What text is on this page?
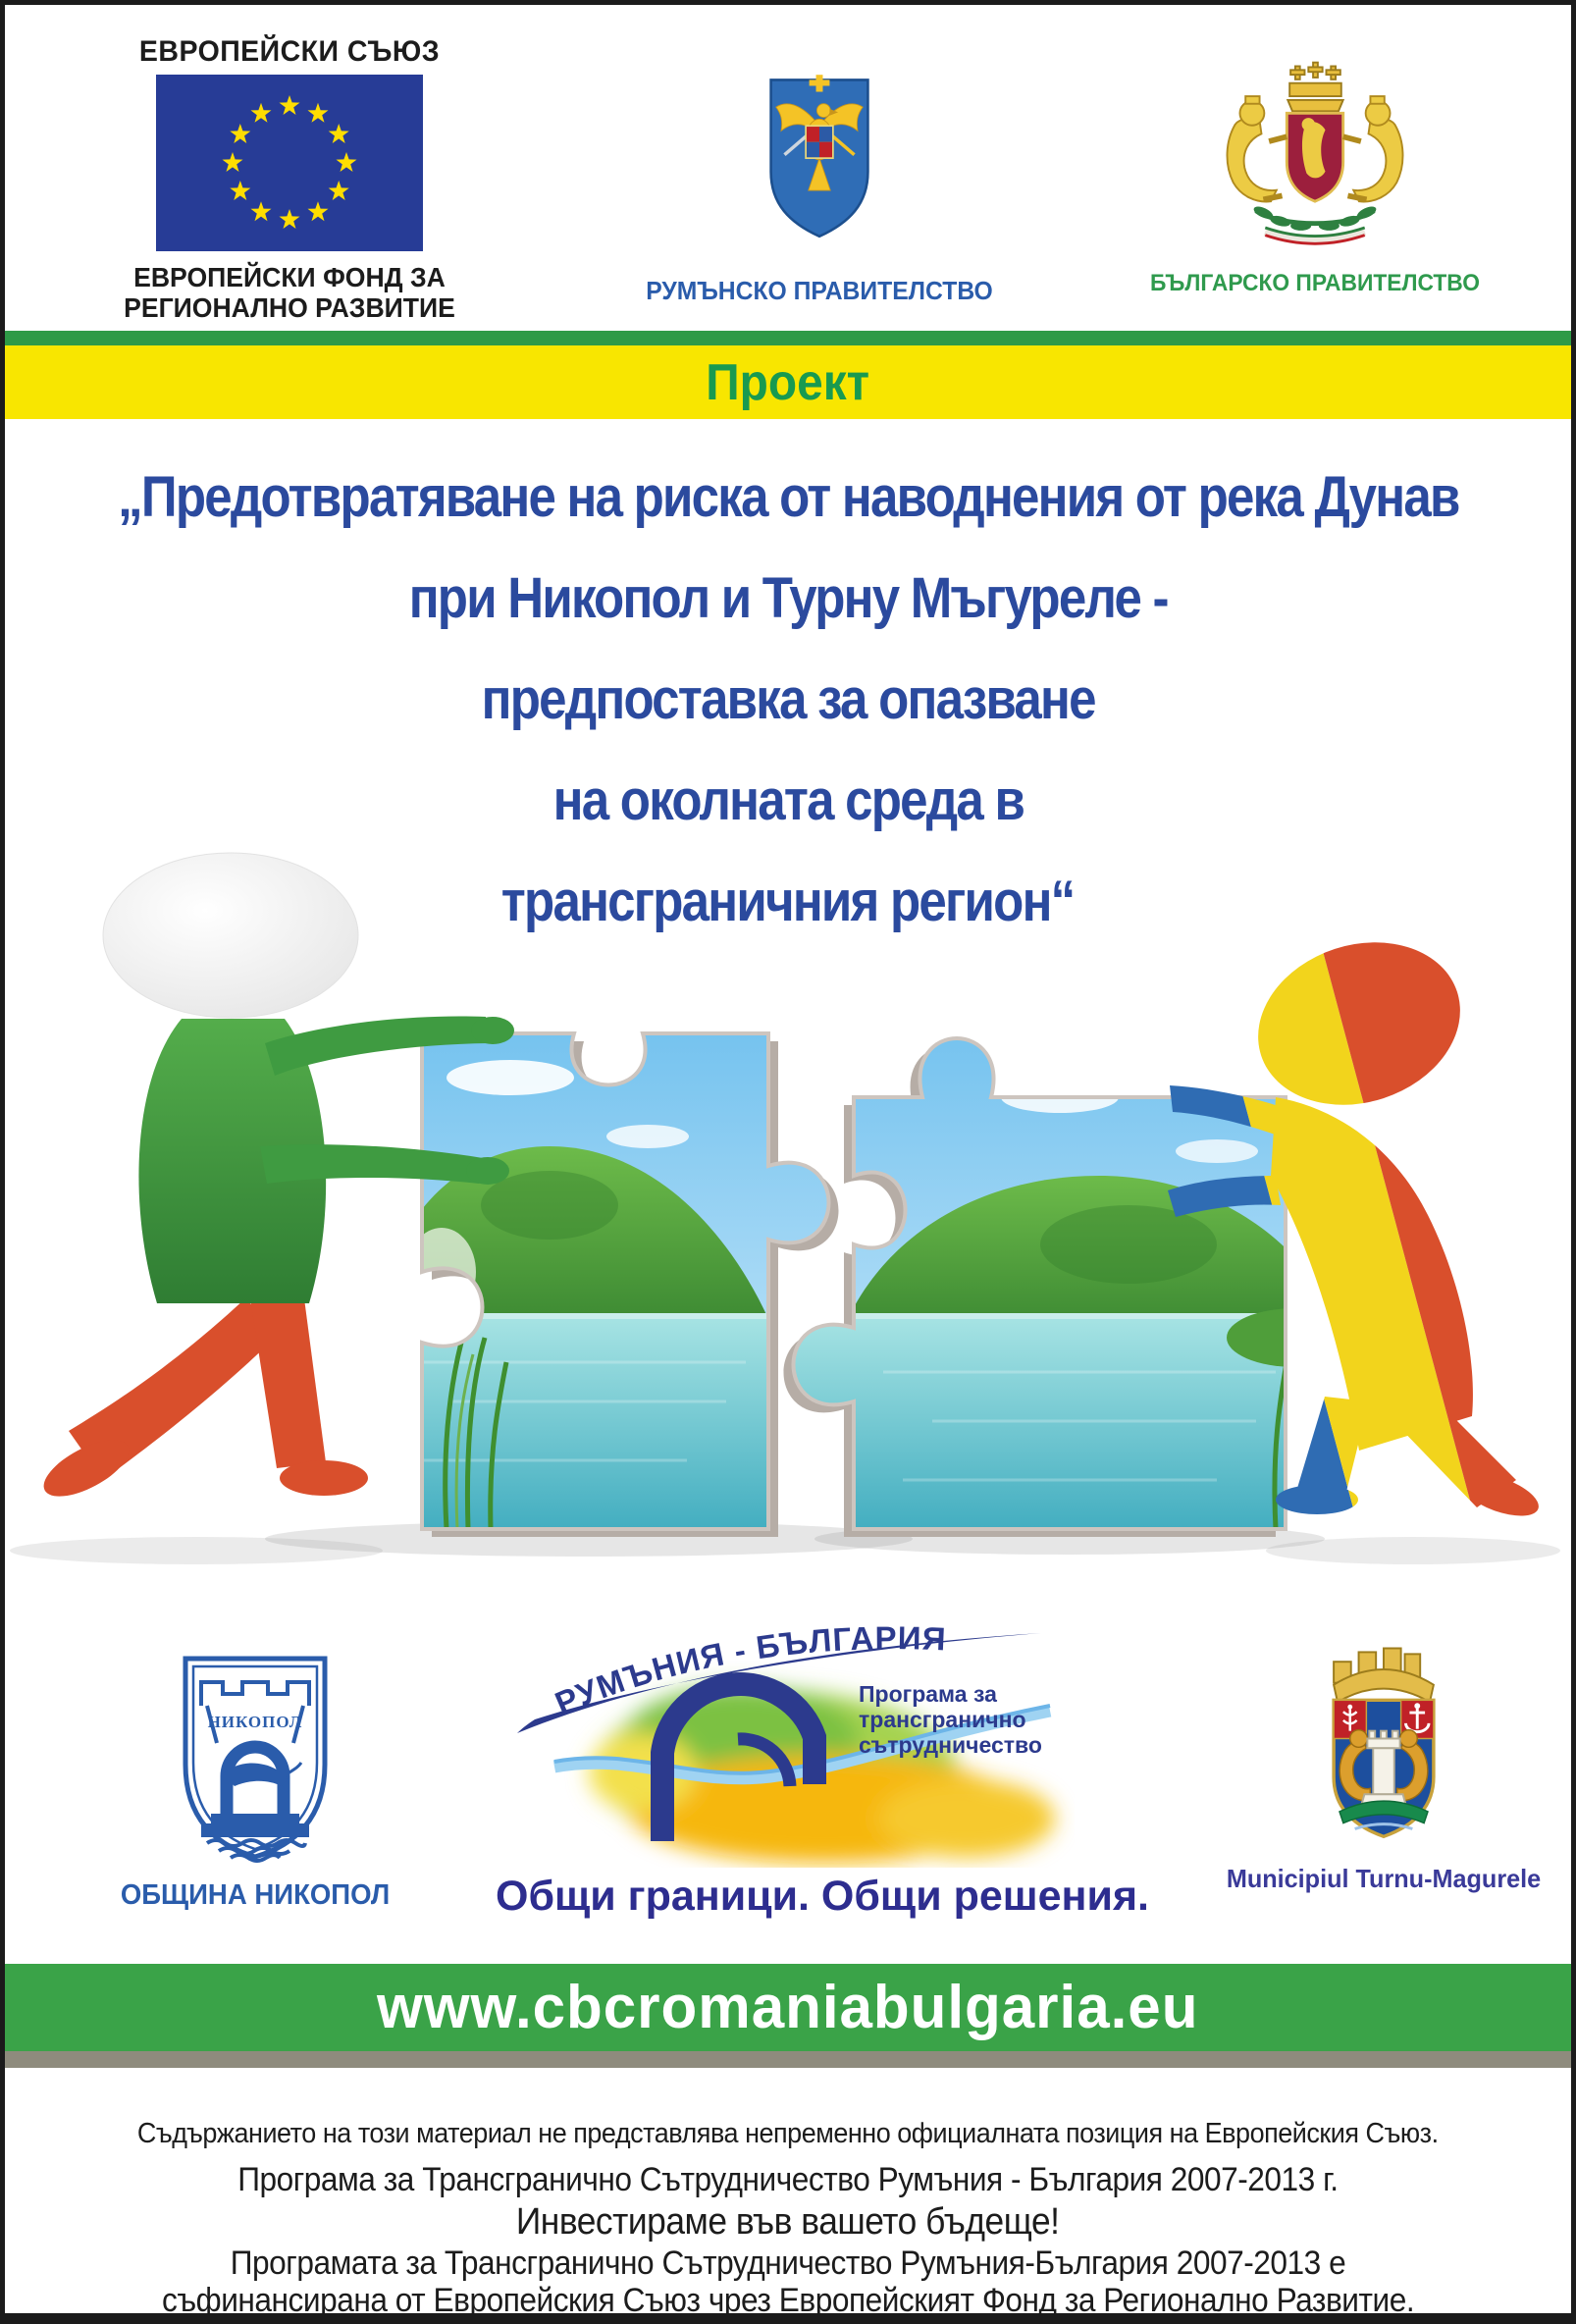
ЕВРОПЕЙСКИ СЪЮЗ
ЕВРОПЕЙСКИ ФОНД ЗА
РЕГИОНАЛНО РАЗВИТИЕ
РУМЪНСКО ПРАВИТЕЛСТВО	БЪЛГАРСКО ПРАВИТЕЛСТВО
Проект
„Предотвратяване на риска от наводнения от река Дунав
при Никопол и Турну Мъгуреле -
предпоставка за опазване
на околната среда в
трансграничния регион“
НИКОПОЛ
ОБЩИНА НИКОПОЛ
РУМЪНИЯ - БЪЛГАРИЯ
Програма за
трансгранично
сътрудничество
Общи граници. Общи решения.	Municipiul Turnu-Magurele
www.cbcromaniabulgaria.eu
Съдържанието на този материал не представлява непременно официалната позиция на Европейския Съюз.
Програма за Трансгранично Сътрудничество Румъния - България 2007-2013 г.
Инвестираме във вашето бъдеще!
Програмата за Трансгранично Сътрудничество Румъния-България 2007-2013 е
съфинансирана от Европейския Съюз чрез Европейският Фонд за Регионално Развитие.
